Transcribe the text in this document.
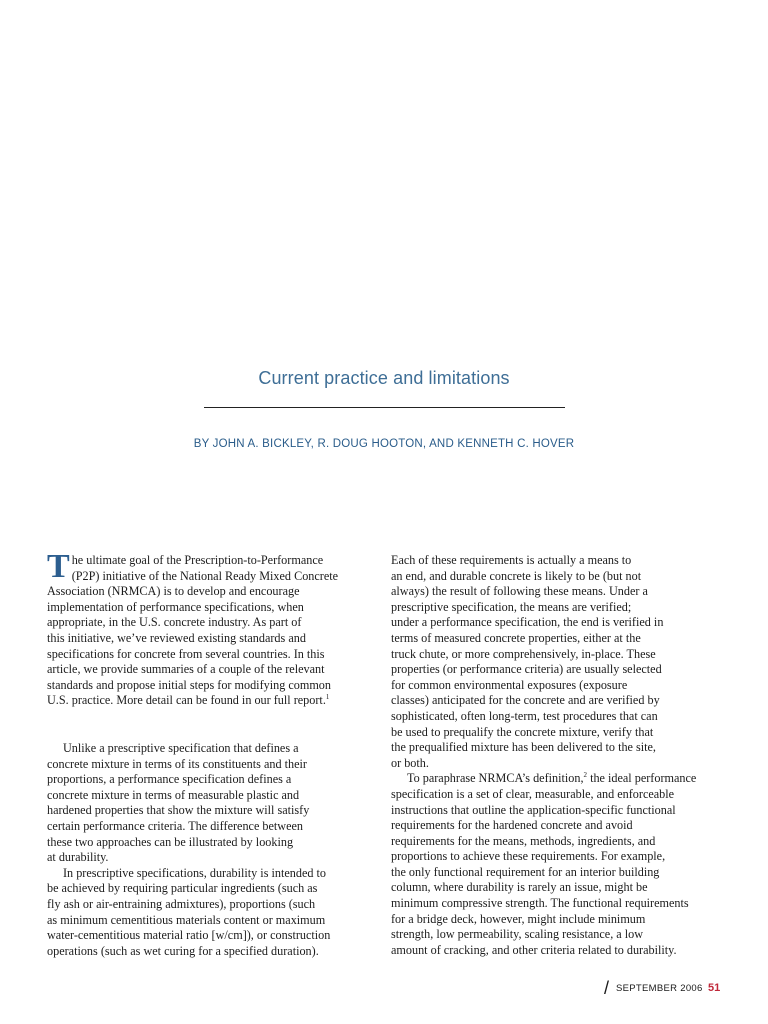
Current practice and limitations
BY JOHN A. BICKLEY, R. DOUG HOOTON, AND KENNETH C. HOVER
T he ultimate goal of the Prescription-to-Performance
(P2P) initiative of the National Ready Mixed Concrete
Association (NRMCA) is to develop and encourage
implementation of performance specifications, when
appropriate, in the U.S. concrete industry. As part of
this initiative, we’ve reviewed existing standards and
specifications for concrete from several countries. In this
article, we provide summaries of a couple of the relevant
standards and propose initial steps for modifying common
U.S. practice. More detail can be found in our full report.$^1$
Unlike a prescriptive specification that defines a
concrete mixture in terms of its constituents and their
proportions, a performance specification defines a
concrete mixture in terms of measurable plastic and
hardened properties that show the mixture will satisfy
certain performance criteria. The difference between
these two approaches can be illustrated by looking
at durability.
In prescriptive specifications, durability is intended to
be achieved by requiring particular ingredients (such as
fly ash or air-entraining admixtures), proportions (such
as minimum cementitious materials content or maximum
water-cementitious material ratio [w/cm]), or construction
operations (such as wet curing for a specified duration).
Each of these requirements is actually a means to
an end, and durable concrete is likely to be (but not
always) the result of following these means. Under a
prescriptive specification, the means are verified;
under a performance specification, the end is verified in
terms of measured concrete properties, either at the
truck chute, or more comprehensively, in-place. These
properties (or performance criteria) are usually selected
for common environmental exposures (exposure
classes) anticipated for the concrete and are verified by
sophisticated, often long-term, test procedures that can
be used to prequalify the concrete mixture, verify that
the prequalified mixture has been delivered to the site,
or both.
To paraphrase NRMCA’s definition,$^2$ the ideal performance
specification is a set of clear, measurable, and enforceable
instructions that outline the application-specific functional
requirements for the hardened concrete and avoid
requirements for the means, methods, ingredients, and
proportions to achieve these requirements. For example,
the only functional requirement for an interior building
column, where durability is rarely an issue, might be
minimum compressive strength. The functional requirements
for a bridge deck, however, might include minimum
strength, low permeability, scaling resistance, a low
amount of cracking, and other criteria related to durability.
/ SEPTEMBER 2006 51
